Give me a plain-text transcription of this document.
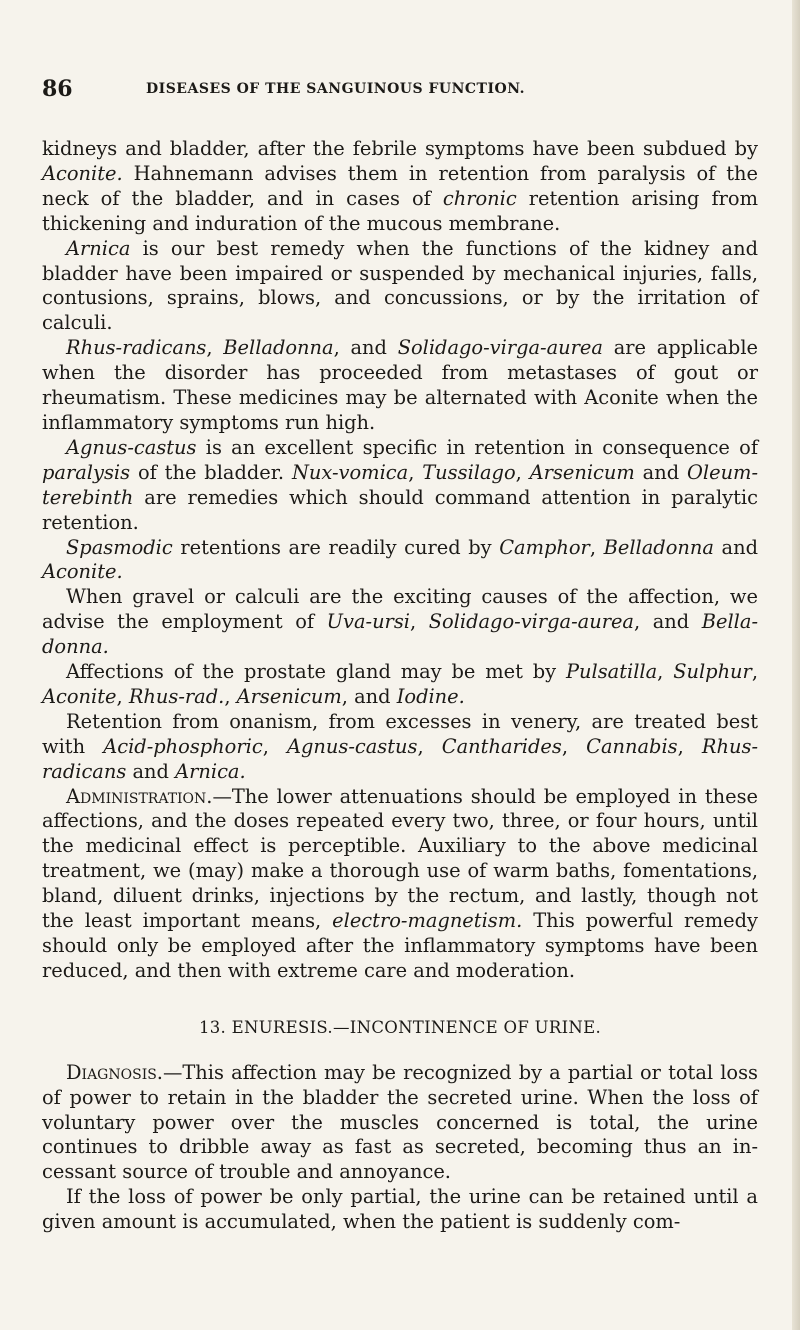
86	DISEASES OF THE SANGUINOUS FUNCTION.

kidneys and bladder, after the febrile symptoms have been subdued by Aconite. Hahnemann advises them in retention from paralysis of the neck of the bladder, and in cases of chronic retention arising from thickening and induration of the mucous membrane.

Arnica is our best remedy when the functions of the kidney and bladder have been impaired or suspended by mechanical injuries, falls, contusions, sprains, blows, and concussions, or by the irritation of calculi.

Rhus-radicans, Belladonna, and Solidago-virga-aurea are applicable when the disorder has proceeded from metastases of gout or rheumatism. These medicines may be alternated with Aconite when the inflammatory symptoms run high.

Agnus-castus is an excellent specific in retention in consequence of paralysis of the bladder. Nux-vomica, Tussilago, Arsenicum and Oleum-terebinth are remedies which should command attention in paralytic retention.

Spasmodic retentions are readily cured by Camphor, Belladonna and Aconite.

When gravel or calculi are the exciting causes of the affection, we advise the employment of Uva-ursi, Solidago-virga-aurea, and Belladonna.

Affections of the prostate gland may be met by Pulsatilla, Sulphur, Aconite, Rhus-rad., Arsenicum, and Iodine.

Retention from onanism, from excesses in venery, are treated best with Acid-phosphoric, Agnus-castus, Cantharides, Cannabis, Rhus-radicans and Arnica.

Administration.—The lower attenuations should be employed in these affections, and the doses repeated every two, three, or four hours, until the medicinal effect is perceptible. Auxiliary to the above medicinal treatment, we (may) make a thorough use of warm baths, fomentations, bland, diluent drinks, injections by the rectum, and lastly, though not the least important means, electro-magnetism. This powerful remedy should only be employed after the inflammatory symptoms have been reduced, and then with extreme care and moderation.

13. ENURESIS.—INCONTINENCE OF URINE.

Diagnosis.—This affection may be recognized by a partial or total loss of power to retain in the bladder the secreted urine. When the loss of voluntary power over the muscles concerned is total, the urine continues to dribble away as fast as secreted, becoming thus an incessant source of trouble and annoyance.

If the loss of power be only partial, the urine can be retained until a given amount is accumulated, when the patient is suddenly com-
